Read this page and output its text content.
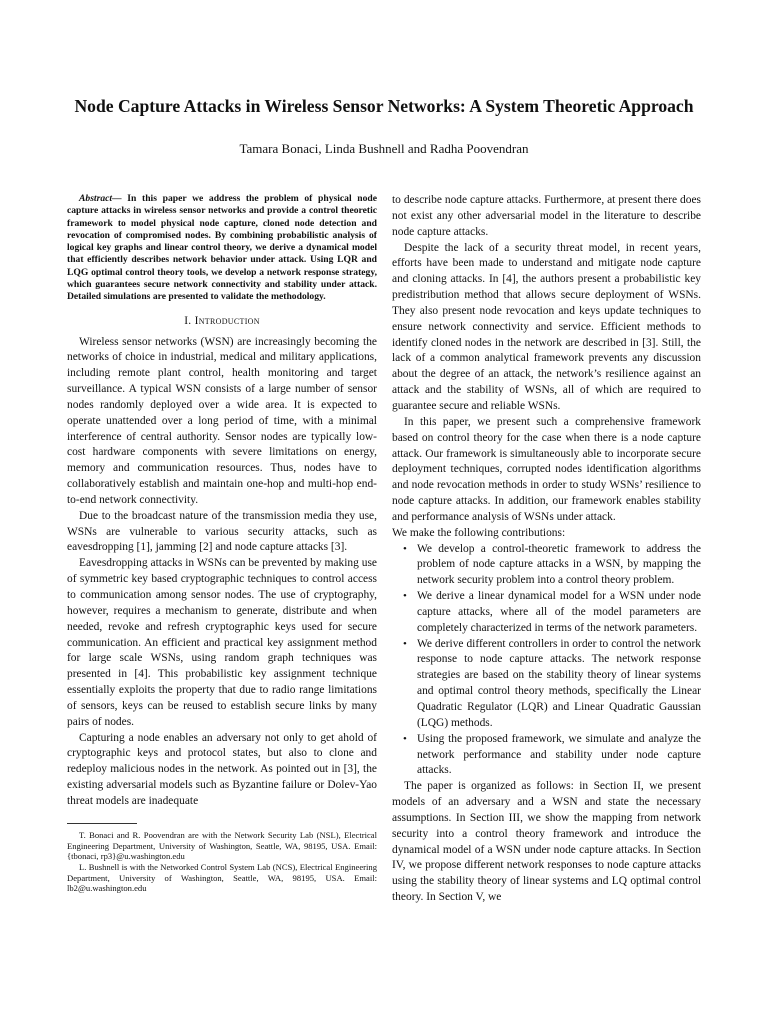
Node Capture Attacks in Wireless Sensor Networks: A System Theoretic Approach
Tamara Bonaci, Linda Bushnell and Radha Poovendran

Abstract— In this paper we address the problem of physical node capture attacks in wireless sensor networks and provide a control theoretic framework to model physical node capture, cloned node detection and revocation of compromised nodes. By combining probabilistic analysis of logical key graphs and linear control theory, we derive a dynamical model that efficiently describes network behavior under attack. Using LQR and LQG optimal control theory tools, we develop a network response strategy, which guarantees secure network connectivity and stability under attack. Detailed simulations are presented to validate the methodology.

I. Introduction

Wireless sensor networks (WSN) are increasingly becoming the networks of choice in industrial, medical and military applications, including remote plant control, health monitoring and target surveillance. A typical WSN consists of a large number of sensor nodes randomly deployed over a wide area. It is expected to operate unattended over a long period of time, with a minimal interference of central authority. Sensor nodes are typically low-cost hardware components with severe limitations on energy, memory and communication resources. Thus, nodes have to collaboratively establish and maintain one-hop and multi-hop end-to-end network connectivity.

Due to the broadcast nature of the transmission media they use, WSNs are vulnerable to various security attacks, such as eavesdropping [1], jamming [2] and node capture attacks [3].

Eavesdropping attacks in WSNs can be prevented by making use of symmetric key based cryptographic techniques to control access to communication among sensor nodes. The use of cryptography, however, requires a mechanism to generate, distribute and when needed, revoke and refresh cryptographic keys used for secure communication. An efficient and practical key assignment method for large scale WSNs, using random graph techniques was presented in [4]. This probabilistic key assignment technique essentially exploits the property that due to radio range limitations of sensors, keys can be reused to establish secure links by many pairs of nodes.

Capturing a node enables an adversary not only to get ahold of cryptographic keys and protocol states, but also to clone and redeploy malicious nodes in the network. As pointed out in [3], the existing adversarial models such as Byzantine failure or Dolev-Yao threat models are inadequate

T. Bonaci and R. Poovendran are with the Network Security Lab (NSL), Electrical Engineering Department, University of Washington, Seattle, WA, 98195, USA. Email: {tbonaci, rp3}@u.washington.edu

L. Bushnell is with the Networked Control System Lab (NCS), Electrical Engineering Department, University of Washington, Seattle, WA, 98195, USA. Email: lb2@u.washington.edu

to describe node capture attacks. Furthermore, at present there does not exist any other adversarial model in the literature to describe node capture attacks.

Despite the lack of a security threat model, in recent years, efforts have been made to understand and mitigate node capture and cloning attacks. In [4], the authors present a probabilistic key predistribution method that allows secure deployment of WSNs. They also present node revocation and keys update techniques to ensure network connectivity and service. Efficient methods to identify cloned nodes in the network are described in [3]. Still, the lack of a common analytical framework prevents any discussion about the degree of an attack, the network’s resilience against an attack and the stability of WSNs, all of which are required to guarantee secure and reliable WSNs.

In this paper, we present such a comprehensive framework based on control theory for the case when there is a node capture attack. Our framework is simultaneously able to incorporate secure deployment techniques, corrupted nodes identification algorithms and node revocation methods in order to study WSNs’ resilience to node capture attacks. In addition, our framework enables stability and performance analysis of WSNs under attack.

We make the following contributions:

• We develop a control-theoretic framework to address the problem of node capture attacks in a WSN, by mapping the network security problem into a control theory problem.
• We derive a linear dynamical model for a WSN under node capture attacks, where all of the model parameters are completely characterized in terms of the network parameters.
• We derive different controllers in order to control the network response to node capture attacks. The network response strategies are based on the stability theory of linear systems and optimal control theory methods, specifically the Linear Quadratic Regulator (LQR) and Linear Quadratic Gaussian (LQG) methods.
• Using the proposed framework, we simulate and analyze the network performance and stability under node capture attacks.

The paper is organized as follows: in Section II, we present models of an adversary and a WSN and state the necessary assumptions. In Section III, we show the mapping from network security into a control theory framework and introduce the dynamical model of a WSN under node capture attacks. In Section IV, we propose different network responses to node capture attacks using the stability theory of linear systems and LQ optimal control theory. In Section V, we
